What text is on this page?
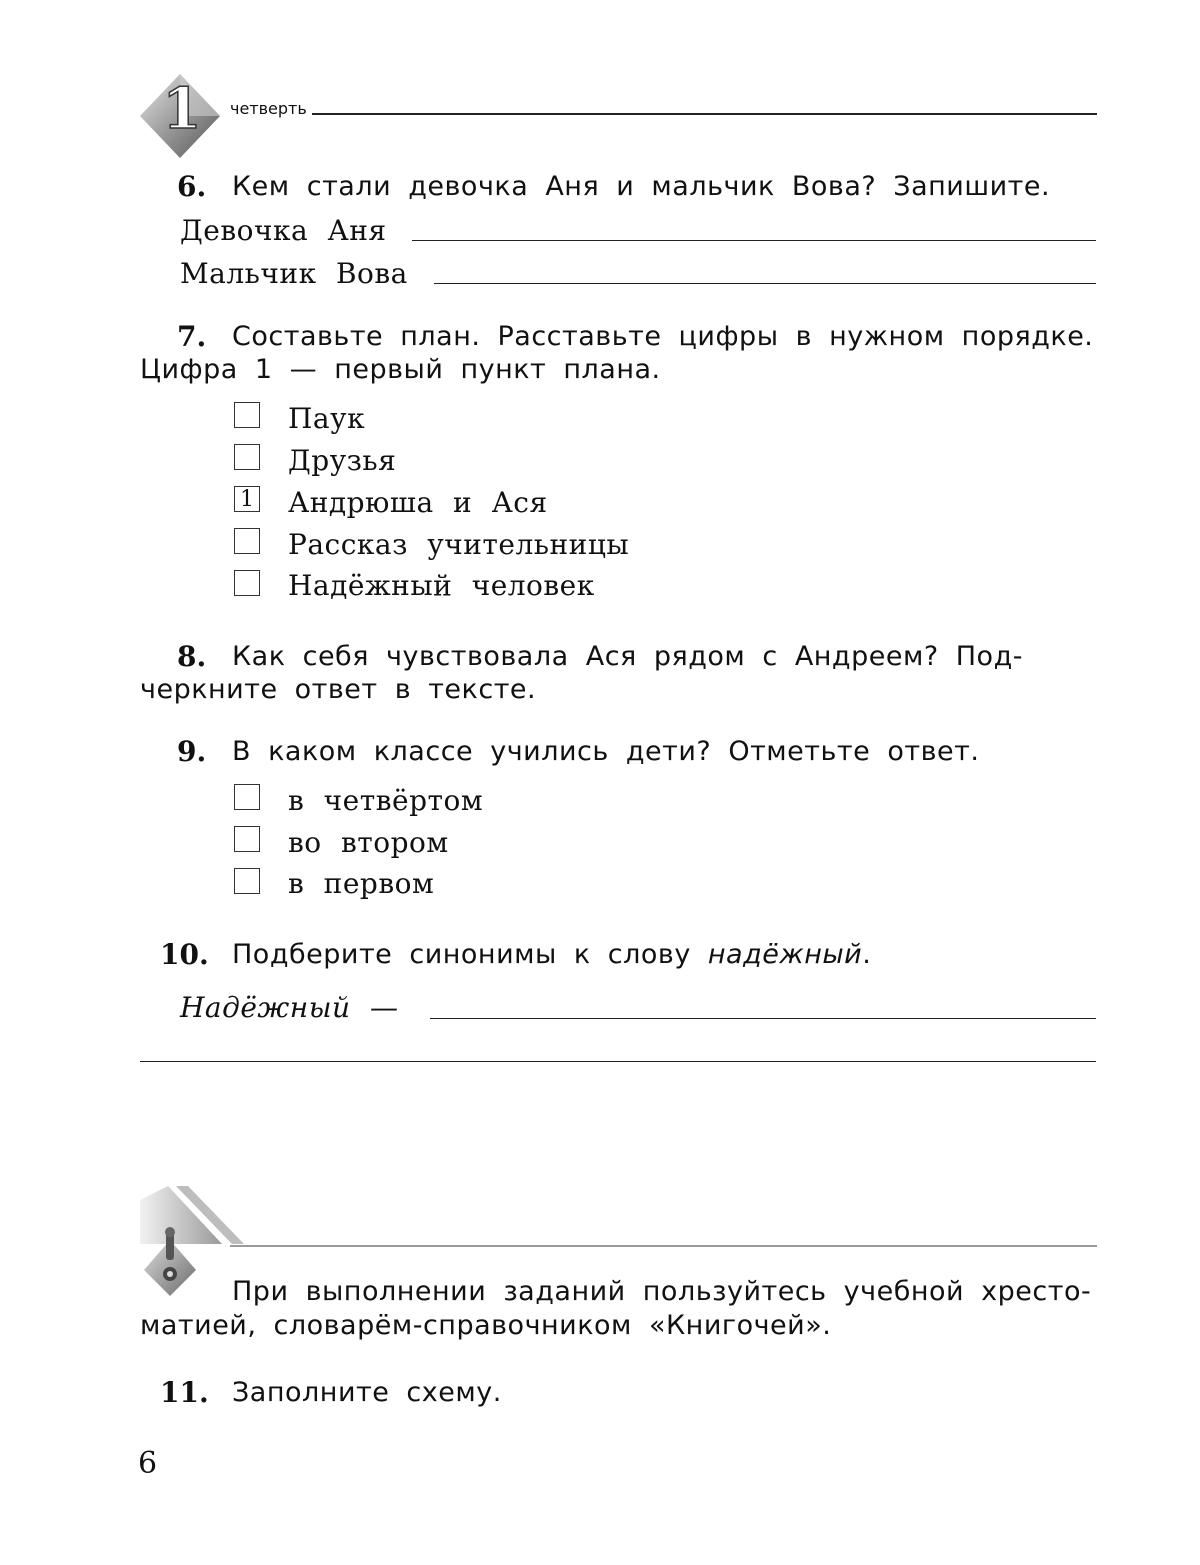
1 четверть
6. Кем стали девочка Аня и мальчик Вова? Запишите.
Девочка Аня
Мальчик Вова
7. Составьте план. Расставьте цифры в нужном порядке.
Цифра 1 — первый пункт плана.
Паук
Друзья
1 Андрюша и Ася
Рассказ учительницы
Надёжный человек
8. Как себя чувствовала Ася рядом с Андреем? Под-
черкните ответ в тексте.
9. В каком классе учились дети? Отметьте ответ.
в четвёртом
во втором
в первом
10. Подберите синонимы к слову надёжный.
Надёжный —
При выполнении заданий пользуйтесь учебной хресто-
матией, словарём-справочником «Книгочей».
11. Заполните схему.
6
